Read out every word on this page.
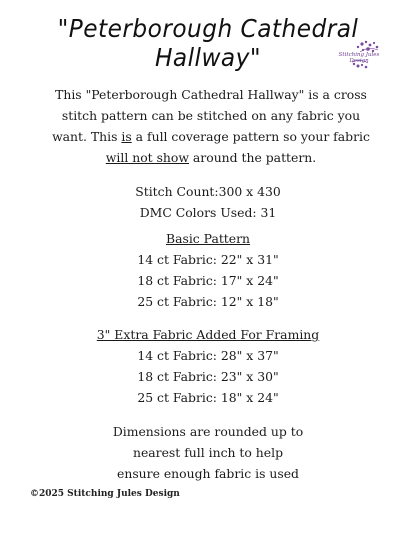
"Peterborough Cathedral Hallway"	Stitching Jules Design
This "Peterborough Cathedral Hallway" is a cross stitch pattern can be stitched on any fabric you want. This is a full coverage pattern so your fabric will not show around the pattern.
Stitch Count:300 x 430
DMC Colors Used: 31
Basic Pattern
14 ct Fabric: 22" x 31"
18 ct Fabric: 17" x 24"
25 ct Fabric: 12" x 18"
3" Extra Fabric Added For Framing
14 ct Fabric: 28" x 37"
18 ct Fabric: 23" x 30"
25 ct Fabric: 18" x 24"
Dimensions are rounded up to
nearest full inch to help
ensure enough fabric is used
©2025 Stitching Jules Design
